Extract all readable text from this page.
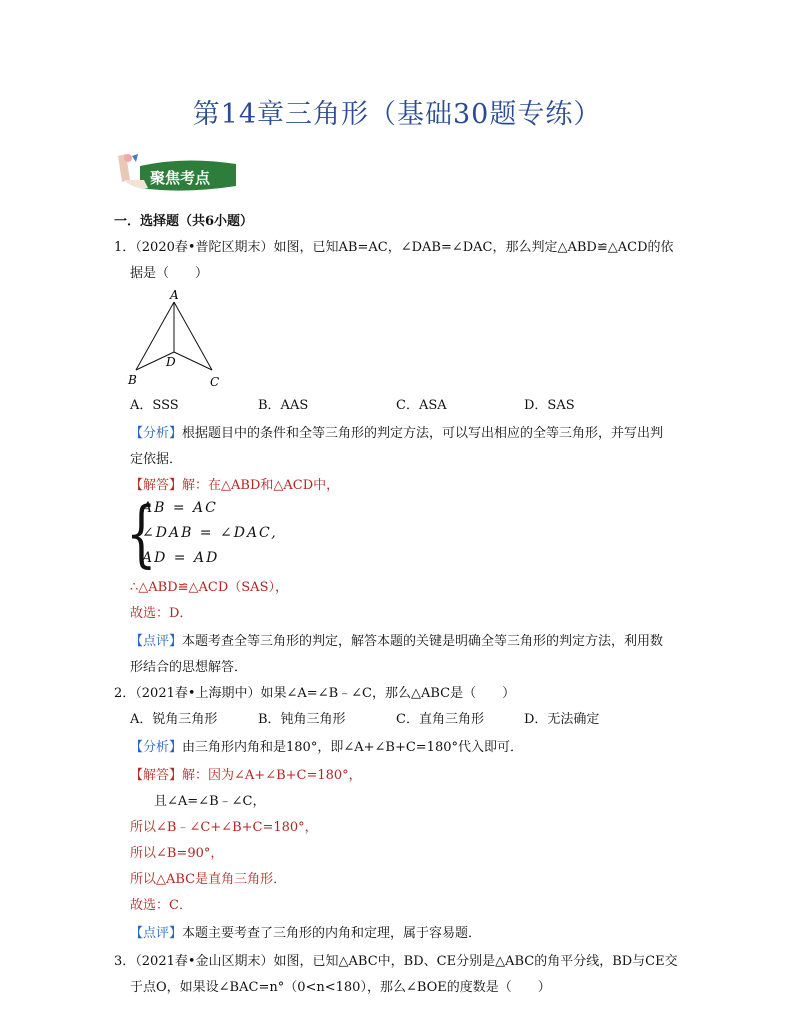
第14章三角形（基础30题专练）
聚焦考点
一．选择题（共6小题）
1．（2020春•普陀区期末）如图，已知AB=AC，∠DAB=∠DAC，那么判定△ABD≌△ACD的依
据是（　　）
A
D
B	C
A．SSS	B．AAS	C．ASA	D．SAS
【分析】根据题目中的条件和全等三角形的判定方法，可以写出相应的全等三角形，并写出判
定依据．
【解答】解：在△ABD和△ACD中，
{
AB = AC
∠DAB = ∠DAC,
AD = AD
∴△ABD≌△ACD（SAS），
故选：D．
【点评】本题考查全等三角形的判定，解答本题的关键是明确全等三角形的判定方法，利用数
形结合的思想解答．
2．（2021春•上海期中）如果∠A=∠B﹣∠C，那么△ABC是（　　）
A．锐角三角形	B．钝角三角形	C．直角三角形	D．无法确定
【分析】由三角形内角和是180°，即∠A+∠B+C=180°代入即可．
【解答】解：因为∠A+∠B+C=180°，
且∠A=∠B﹣∠C，
所以∠B﹣∠C+∠B+C=180°，
所以∠B=90°，
所以△ABC是直角三角形．
故选：C．
【点评】本题主要考查了三角形的内角和定理，属于容易题．
3．（2021春•金山区期末）如图，已知△ABC中，BD、CE分别是△ABC的角平分线，BD与CE交
于点O，如果设∠BAC=n°（0<n<180），那么∠BOE的度数是（　　）
